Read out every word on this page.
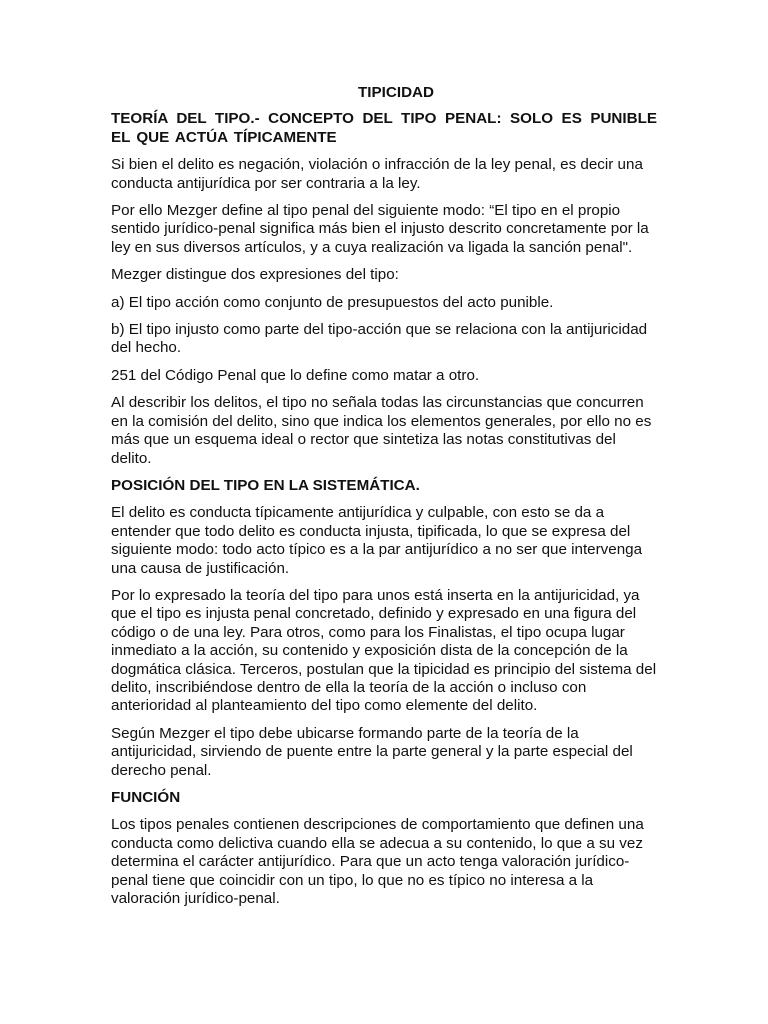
TIPICIDAD
TEORÍA DEL TIPO.- CONCEPTO DEL TIPO PENAL: SOLO ES PUNIBLE EL QUE ACTÚA TÍPICAMENTE
Si bien el delito es negación, violación o infracción de la ley penal, es decir una conducta antijurídica por ser contraria a la ley.
Por ello Mezger define al tipo penal del siguiente modo: “El tipo en el propio sentido jurídico-penal significa más bien el injusto descrito concretamente por la ley en sus diversos artículos, y a cuya realización va ligada la sanción penal".
Mezger distingue dos expresiones del tipo:
a) El tipo acción como conjunto de presupuestos del acto punible.
b) El tipo injusto como parte del tipo-acción que se relaciona con la antijuricidad del hecho.
251 del Código Penal que lo define como matar a otro.
Al describir los delitos, el tipo no señala todas las circunstancias que concurren en la comisión del delito, sino que indica los elementos generales, por ello no es más que un esquema ideal o rector que sintetiza las notas constitutivas del delito.
POSICIÓN DEL TIPO EN LA SISTEMÁTICA.
El delito es conducta típicamente antijurídica y culpable, con esto se da a entender que todo delito es conducta injusta, tipificada, lo que se expresa del siguiente modo: todo acto típico es a la par antijurídico a no ser que intervenga una causa de justificación.
Por lo expresado la teoría del tipo para unos está inserta en la antijuricidad, ya que el tipo es injusta penal concretado, definido y expresado en una figura del código o de una ley. Para otros, como para los Finalistas, el tipo ocupa lugar inmediato a la acción, su contenido y exposición dista de la concepción de la dogmática clásica. Terceros, postulan que la tipicidad es principio del sistema del delito, inscribiéndose dentro de ella la teoría de la acción o incluso con anterioridad al planteamiento del tipo como elemente del delito.
Según Mezger el tipo debe ubicarse formando parte de la teoría de la antijuricidad, sirviendo de puente entre la parte general y la parte especial del derecho penal.
FUNCIÓN
Los tipos penales contienen descripciones de comportamiento que definen una conducta como delictiva cuando ella se adecua a su contenido, lo que a su vez determina el carácter antijurídico. Para que un acto tenga valoración jurídico-penal tiene que coincidir con un tipo, lo que no es típico no interesa a la valoración jurídico-penal.
